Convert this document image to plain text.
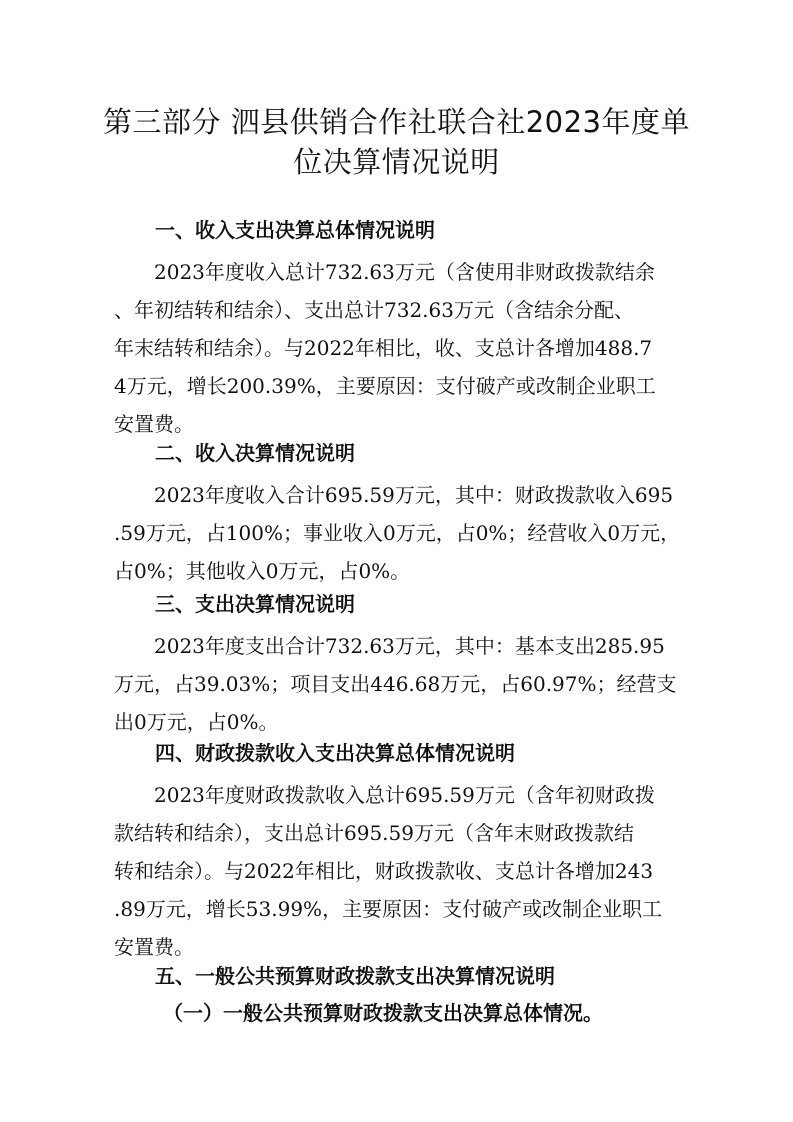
第三部分 泗县供销合作社联合社2023年度单
位决算情况说明
一、收入支出决算总体情况说明
　　2023年度收入总计732.63万元（含使用非财政拨款结余
、年初结转和结余）、支出总计732.63万元（含结余分配、
年末结转和结余）。与2022年相比，收、支总计各增加488.7
4万元，增长200.39%，主要原因：支付破产或改制企业职工
安置费。
二、收入决算情况说明
　　2023年度收入合计695.59万元，其中：财政拨款收入695
.59万元，占100%；事业收入0万元，占0%；经营收入0万元，
占0%；其他收入0万元，占0%。
三、支出决算情况说明
　　2023年度支出合计732.63万元，其中：基本支出285.95
万元，占39.03%；项目支出446.68万元，占60.97%；经营支
出0万元，占0%。
四、财政拨款收入支出决算总体情况说明
　　2023年度财政拨款收入总计695.59万元（含年初财政拨
款结转和结余），支出总计695.59万元（含年末财政拨款结
转和结余）。与2022年相比，财政拨款收、支总计各增加243
.89万元，增长53.99%，主要原因：支付破产或改制企业职工
安置费。
五、一般公共预算财政拨款支出决算情况说明
（一）一般公共预算财政拨款支出决算总体情况。
